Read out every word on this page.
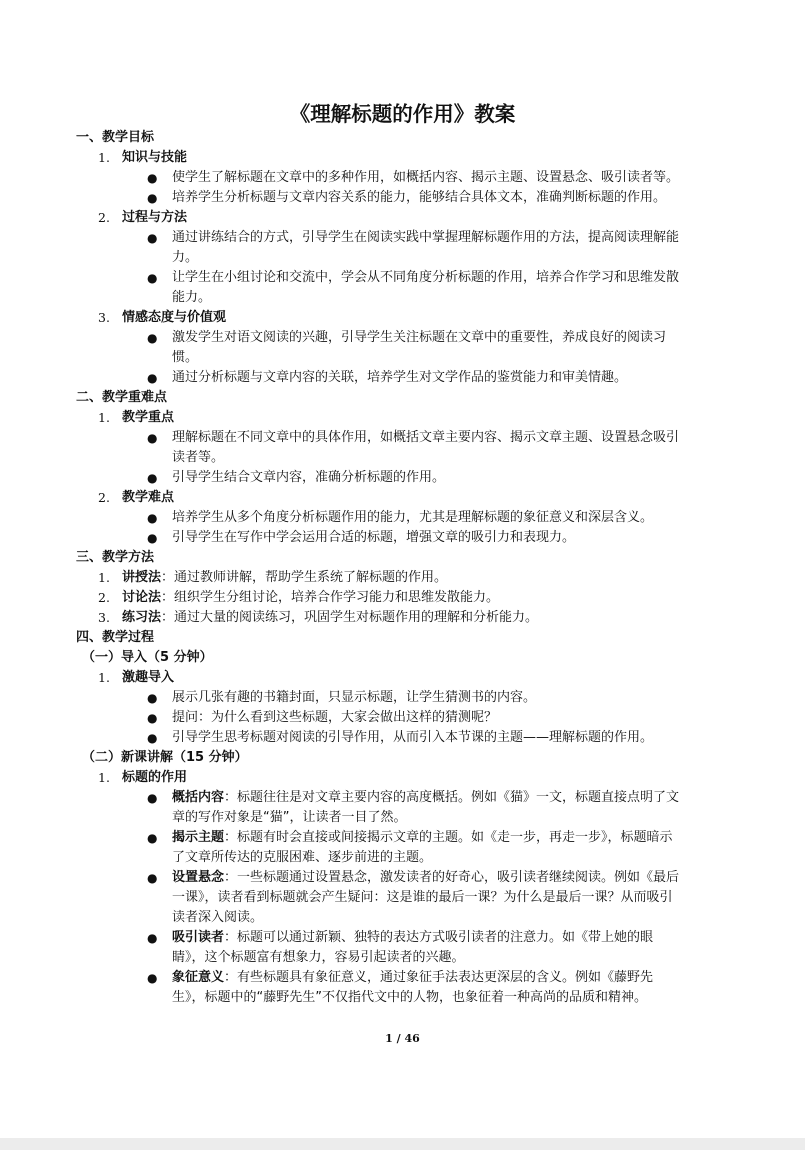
《理解标题的作用》教案
一、教学目标
1. 知识与技能
● 使学生了解标题在文章中的多种作用，如概括内容、揭示主题、设置悬念、吸引读者等。
● 培养学生分析标题与文章内容关系的能力，能够结合具体文本，准确判断标题的作用。
2. 过程与方法
● 通过讲练结合的方式，引导学生在阅读实践中掌握理解标题作用的方法，提高阅读理解能
力。
● 让学生在小组讨论和交流中，学会从不同角度分析标题的作用，培养合作学习和思维发散
能力。
3. 情感态度与价值观
● 激发学生对语文阅读的兴趣，引导学生关注标题在文章中的重要性，养成良好的阅读习
惯。
● 通过分析标题与文章内容的关联，培养学生对文学作品的鉴赏能力和审美情趣。
二、教学重难点
1. 教学重点
● 理解标题在不同文章中的具体作用，如概括文章主要内容、揭示文章主题、设置悬念吸引
读者等。
● 引导学生结合文章内容，准确分析标题的作用。
2. 教学难点
● 培养学生从多个角度分析标题作用的能力，尤其是理解标题的象征意义和深层含义。
● 引导学生在写作中学会运用合适的标题，增强文章的吸引力和表现力。
三、教学方法
1. 讲授法：通过教师讲解，帮助学生系统了解标题的作用。
2. 讨论法：组织学生分组讨论，培养合作学习能力和思维发散能力。
3. 练习法：通过大量的阅读练习，巩固学生对标题作用的理解和分析能力。
四、教学过程
（一）导入（5 分钟）
1. 激趣导入
● 展示几张有趣的书籍封面，只显示标题，让学生猜测书的内容。
● 提问：为什么看到这些标题，大家会做出这样的猜测呢？
● 引导学生思考标题对阅读的引导作用，从而引入本节课的主题——理解标题的作用。
（二）新课讲解（15 分钟）
1. 标题的作用
● 概括内容：标题往往是对文章主要内容的高度概括。例如《猫》一文，标题直接点明了文
章的写作对象是“猫”，让读者一目了然。
● 揭示主题：标题有时会直接或间接揭示文章的主题。如《走一步，再走一步》，标题暗示
了文章所传达的克服困难、逐步前进的主题。
● 设置悬念：一些标题通过设置悬念，激发读者的好奇心，吸引读者继续阅读。例如《最后
一课》，读者看到标题就会产生疑问：这是谁的最后一课？为什么是最后一课？从而吸引
读者深入阅读。
● 吸引读者：标题可以通过新颖、独特的表达方式吸引读者的注意力。如《带上她的眼
睛》，这个标题富有想象力，容易引起读者的兴趣。
● 象征意义：有些标题具有象征意义，通过象征手法表达更深层的含义。例如《藤野先
生》，标题中的“藤野先生”不仅指代文中的人物，也象征着一种高尚的品质和精神。
1 / 46
